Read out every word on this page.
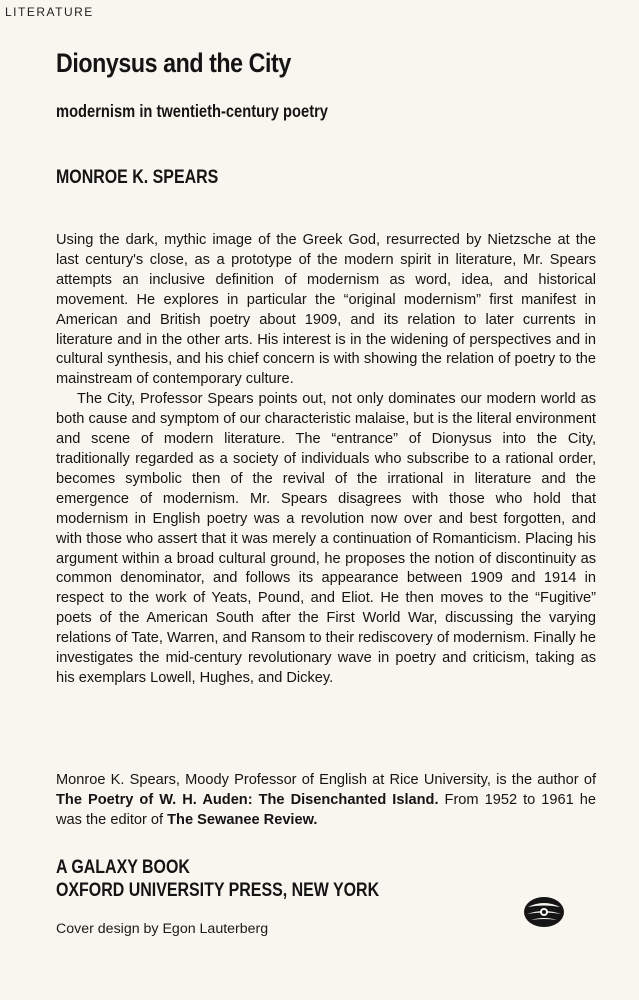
LITERATURE
Dionysus and the City
modernism in twentieth-century poetry
MONROE K. SPEARS

Using the dark, mythic image of the Greek God, resurrected by Nietzsche at the last century's close, as a prototype of the modern spirit in literature, Mr. Spears attempts an inclusive definition of modernism as word, idea, and historical movement. He explores in particular the “original modernism” first manifest in American and British poetry about 1909, and its relation to later currents in literature and in the other arts. His interest is in the widening of perspectives and in cultural synthesis, and his chief concern is with showing the relation of poetry to the mainstream of contemporary culture.

The City, Professor Spears points out, not only dominates our modern world as both cause and symptom of our characteristic malaise, but is the literal environment and scene of modern literature. The “entrance” of Dionysus into the City, traditionally regarded as a society of individuals who subscribe to a rational order, becomes symbolic then of the revival of the irrational in literature and the emergence of modernism. Mr. Spears disagrees with those who hold that modernism in English poetry was a revolution now over and best forgotten, and with those who assert that it was merely a continuation of Romanticism. Placing his argument within a broad cultural ground, he proposes the notion of discontinuity as common denominator, and follows its appearance between 1909 and 1914 in respect to the work of Yeats, Pound, and Eliot. He then moves to the “Fugitive” poets of the American South after the First World War, discussing the varying relations of Tate, Warren, and Ransom to their rediscovery of modernism. Finally he investigates the mid-century revolutionary wave in poetry and criticism, taking as his exemplars Lowell, Hughes, and Dickey.

Monroe K. Spears, Moody Professor of English at Rice University, is the author of The Poetry of W. H. Auden: The Disenchanted Island. From 1952 to 1961 he was the editor of The Sewanee Review.

A GALAXY BOOK
OXFORD UNIVERSITY PRESS, NEW YORK
Cover design by Egon Lauterberg
